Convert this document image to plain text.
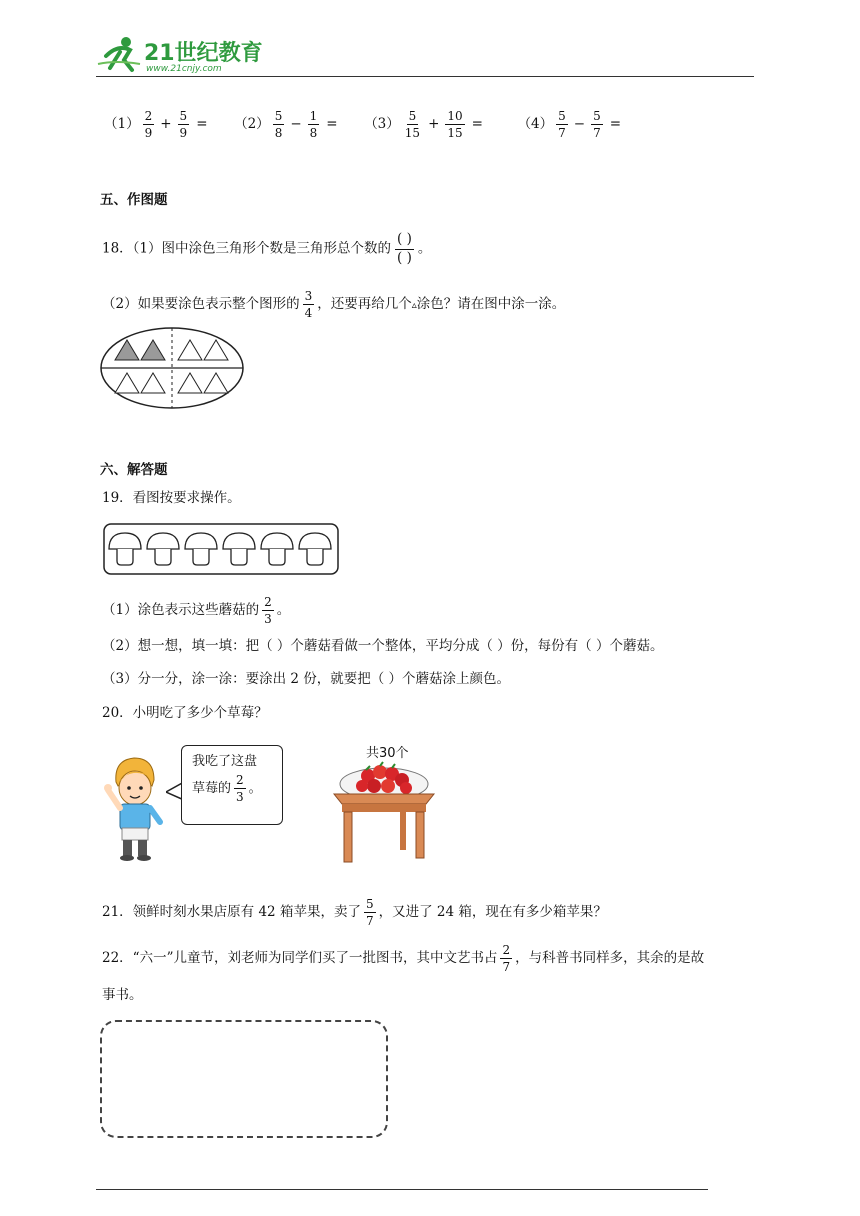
21世纪教育
www.21cnjy.com
$(1) \frac{2}{9} + \frac{5}{9} = (2) \frac{5}{8} - \frac{1}{8} = (3) \frac{5}{15} + \frac{10}{15}$ =	$(4) \frac{5}{7} - \frac{5}{7}$ =
五、作图题
18．（1）图中涂色三角形个数是三角形总个数的 $\frac{( )}{( )}$ 。
（2）如果要涂色表示整个图形的 $\frac{3}{4}$ ，还要再给几个▵涂色？请在图中涂一涂。
六、解答题
19．看图按要求操作。
（1）涂色表示这些蘑菇的 $\frac{2}{3}$ 。
（2）想一想，填一填：把（ ）个蘑菇看做一个整体，平均分成（ ）份，每份有（ ）个蘑菇。
（3）分一分，涂一涂：要涂出 2 份，就要把（ ）个蘑菇涂上颜色。
20．小明吃了多少个草莓？
我吃了这盘
草莓的 $\frac{2}{3}$ 。
共30个
21．领鲜时刻水果店原有 42 箱苹果，卖了 $\frac{5}{7}$ ，又进了 24 箱，现在有多少箱苹果？
22．“六一”儿童节，刘老师为同学们买了一批图书，其中文艺书占 $\frac{2}{7}$ ，与科普书同样多，其余的是故
事书。
